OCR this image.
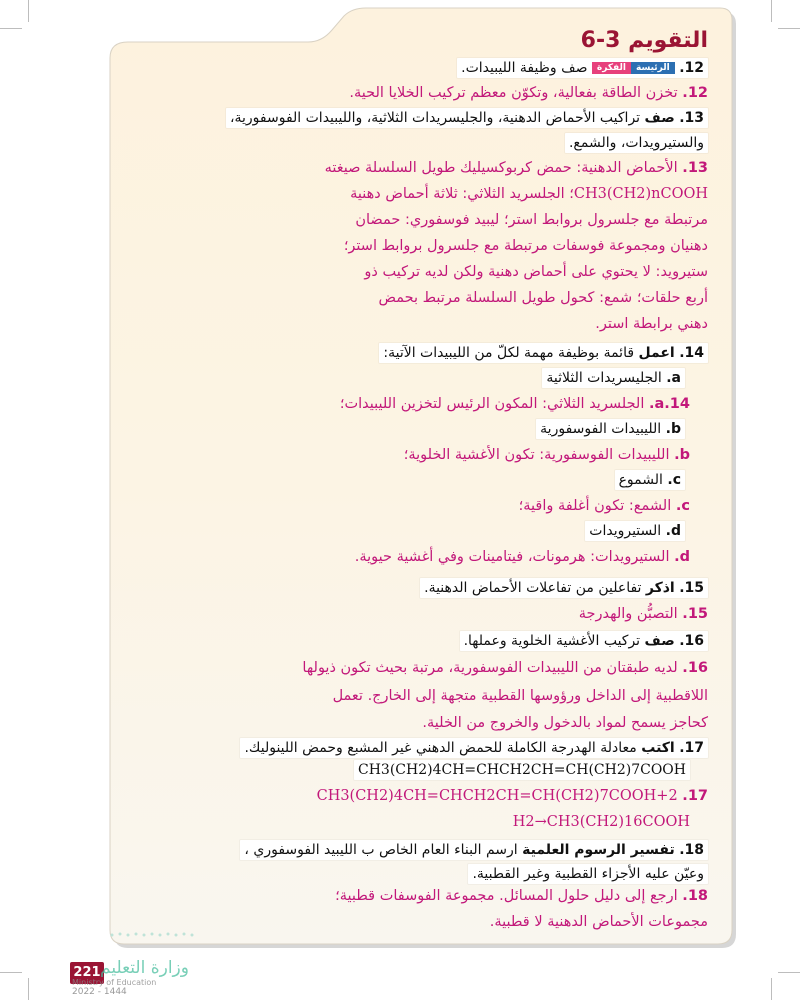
التقويم 3-6
12. الرئيسةالفكرة صف وظيفة الليبيدات.
12. تخزن الطاقة بفعالية، وتكوّن معظم تركيب الخلايا الحية.
13. صف تراكيب الأحماض الدهنية، والجليسريدات الثلاثية، والليبيدات الفوسفورية،
والستيرويدات، والشمع.
13. الأحماض الدهنية: حمض كربوكسيليك طويل السلسلة صيغته
CH3(CH2)nCOOH؛ الجلسريد الثلاثي: ثلاثة أحماض دهنية
مرتبطة مع جلسرول بروابط استر؛ ليبيد فوسفوري: حمضان
دهنيان ومجموعة فوسفات مرتبطة مع جلسرول بروابط استر؛
ستيرويد: لا يحتوي على أحماض دهنية ولكن لديه تركيب ذو
أربع حلقات؛ شمع: كحول طويل السلسلة مرتبط بحمض
دهني برابطة استر.
14. اعمل قائمة بوظيفة مهمة لكلّ من الليبيدات الآتية:
a. الجليسريدات الثلاثية
a.14. الجلسريد الثلاثي: المكون الرئيس لتخزين الليبيدات؛
b. الليبيدات الفوسفورية
b. الليبيدات الفوسفورية: تكون الأغشية الخلوية؛
c. الشموع
c. الشمع: تكون أغلفة واقية؛
d. الستيرويدات
d. الستيرويدات: هرمونات، فيتامينات وفي أغشية حيوية.
15. اذكر تفاعلين من تفاعلات الأحماض الدهنية.
15. التصبُّن والهدرجة
16. صف تركيب الأغشية الخلوية وعملها.
16. لديه طبقتان من الليبيدات الفوسفورية، مرتبة بحيث تكون ذيولها
اللاقطبية إلى الداخل ورؤوسها القطبية متجهة إلى الخارج. تعمل
كحاجز يسمح لمواد بالدخول والخروج من الخلية.
17. اكتب معادلة الهدرجة الكاملة للحمض الدهني غير المشبع وحمض اللينوليك.
CH3(CH2)4CH=CHCH2CH=CH(CH2)7COOH
17. CH3(CH2)4CH=CHCH2CH=CH(CH2)7COOH+2
H2→CH3(CH2)16COOH
18. تفسير الرسوم العلمية ارسم البناء العام الخاص ب الليبيد الفوسفوري ،
وعيّن عليه الأجزاء القطبية وغير القطبية.
18. ارجع إلى دليل حلول المسائل. مجموعة الفوسفات قطبية؛
مجموعات الأحماض الدهنية لا قطبية.
221 وزارة التعليم
Ministry of Education
2022 - 1444
